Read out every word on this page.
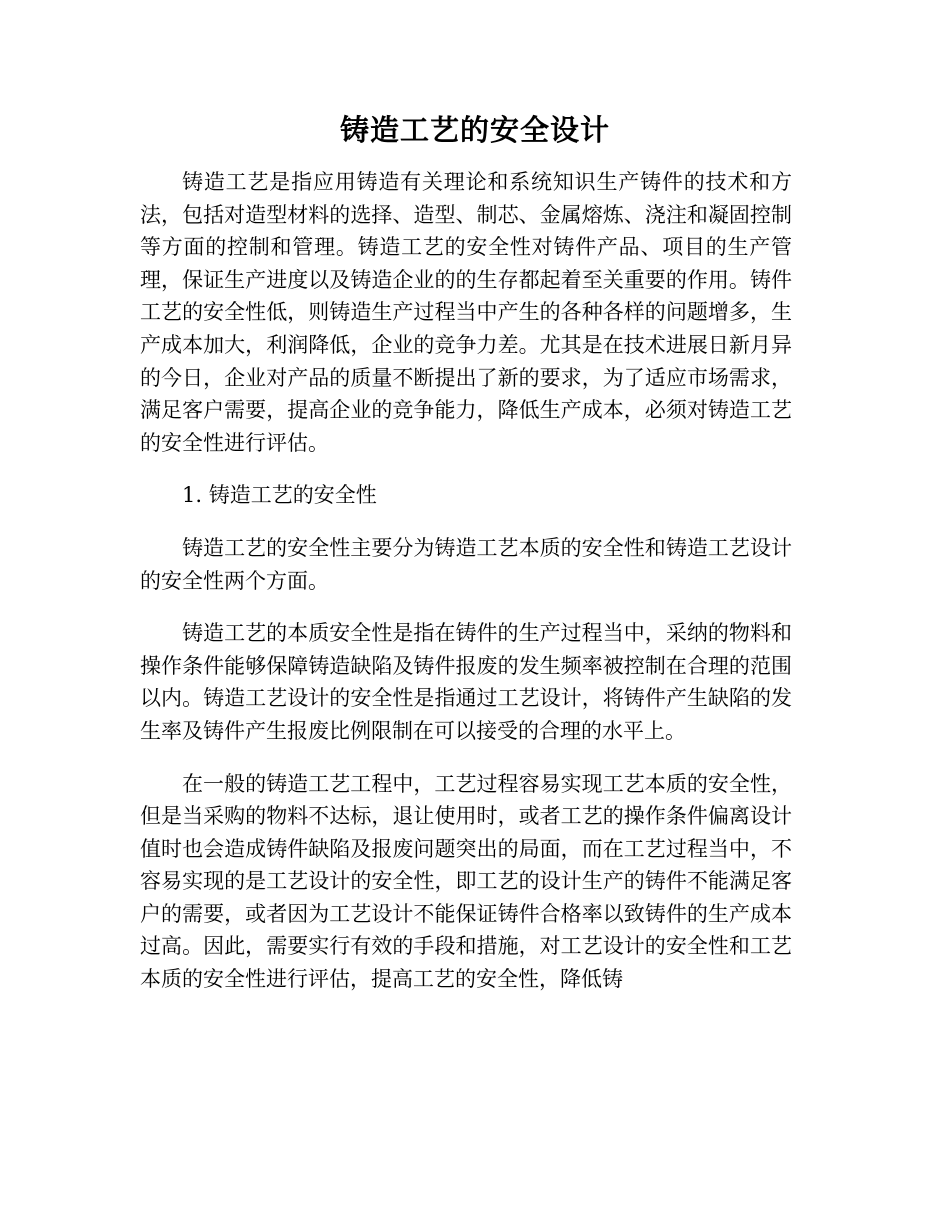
铸造工艺的安全设计

铸造工艺是指应用铸造有关理论和系统知识生产铸件的技术和方法，包括对造型材料的选择、造型、制芯、金属熔炼、浇注和凝固控制等方面的控制和管理。铸造工艺的安全性对铸件产品、项目的生产管理，保证生产进度以及铸造企业的的生存都起着至关重要的作用。铸件工艺的安全性低，则铸造生产过程当中产生的各种各样的问题增多，生产成本加大，利润降低，企业的竞争力差。尤其是在技术进展日新月异的今日，企业对产品的质量不断提出了新的要求，为了适应市场需求，满足客户需要，提高企业的竞争能力，降低生产成本，必须对铸造工艺的安全性进行评估。

1. 铸造工艺的安全性

铸造工艺的安全性主要分为铸造工艺本质的安全性和铸造工艺设计的安全性两个方面。

铸造工艺的本质安全性是指在铸件的生产过程当中，采纳的物料和操作条件能够保障铸造缺陷及铸件报废的发生频率被控制在合理的范围以内。铸造工艺设计的安全性是指通过工艺设计，将铸件产生缺陷的发生率及铸件产生报废比例限制在可以接受的合理的水平上。

在一般的铸造工艺工程中，工艺过程容易实现工艺本质的安全性，但是当采购的物料不达标，退让使用时，或者工艺的操作条件偏离设计值时也会造成铸件缺陷及报废问题突出的局面，而在工艺过程当中，不容易实现的是工艺设计的安全性，即工艺的设计生产的铸件不能满足客户的需要，或者因为工艺设计不能保证铸件合格率以致铸件的生产成本过高。因此，需要实行有效的手段和措施，对工艺设计的安全性和工艺本质的安全性进行评估，提高工艺的安全性，降低铸
